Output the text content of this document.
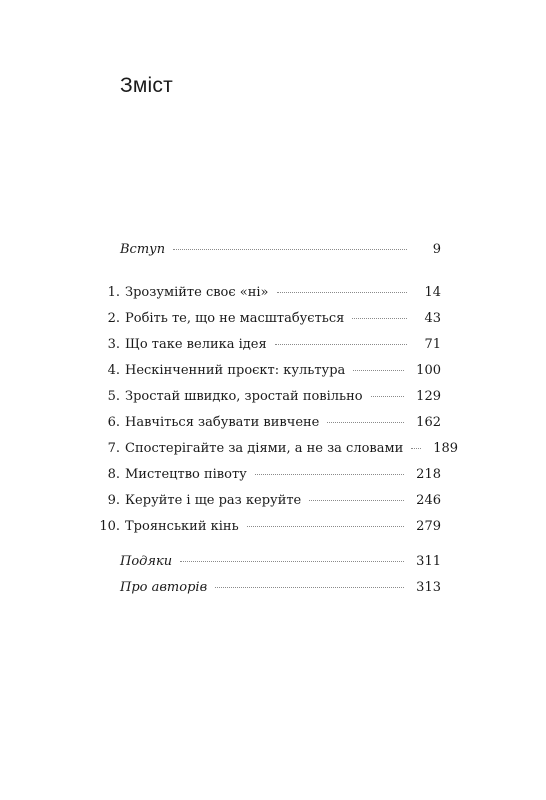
Зміст
Вступ	9
1. Зрозумійте своє «ні»	14
2. Робіть те, що не масштабується	43
3. Що таке велика ідея	71
4. Нескінченний проєкт: культура	100
5. Зростай швидко, зростай повільно	129
6. Навчіться забувати вивчене	162
7. Спостерігайте за діями, а не за словами 189
8. Мистецтво півоту	218
9. Керуйте і ще раз керуйте	246
10. Троянський кінь	279
Подяки	311
Про авторів	313
